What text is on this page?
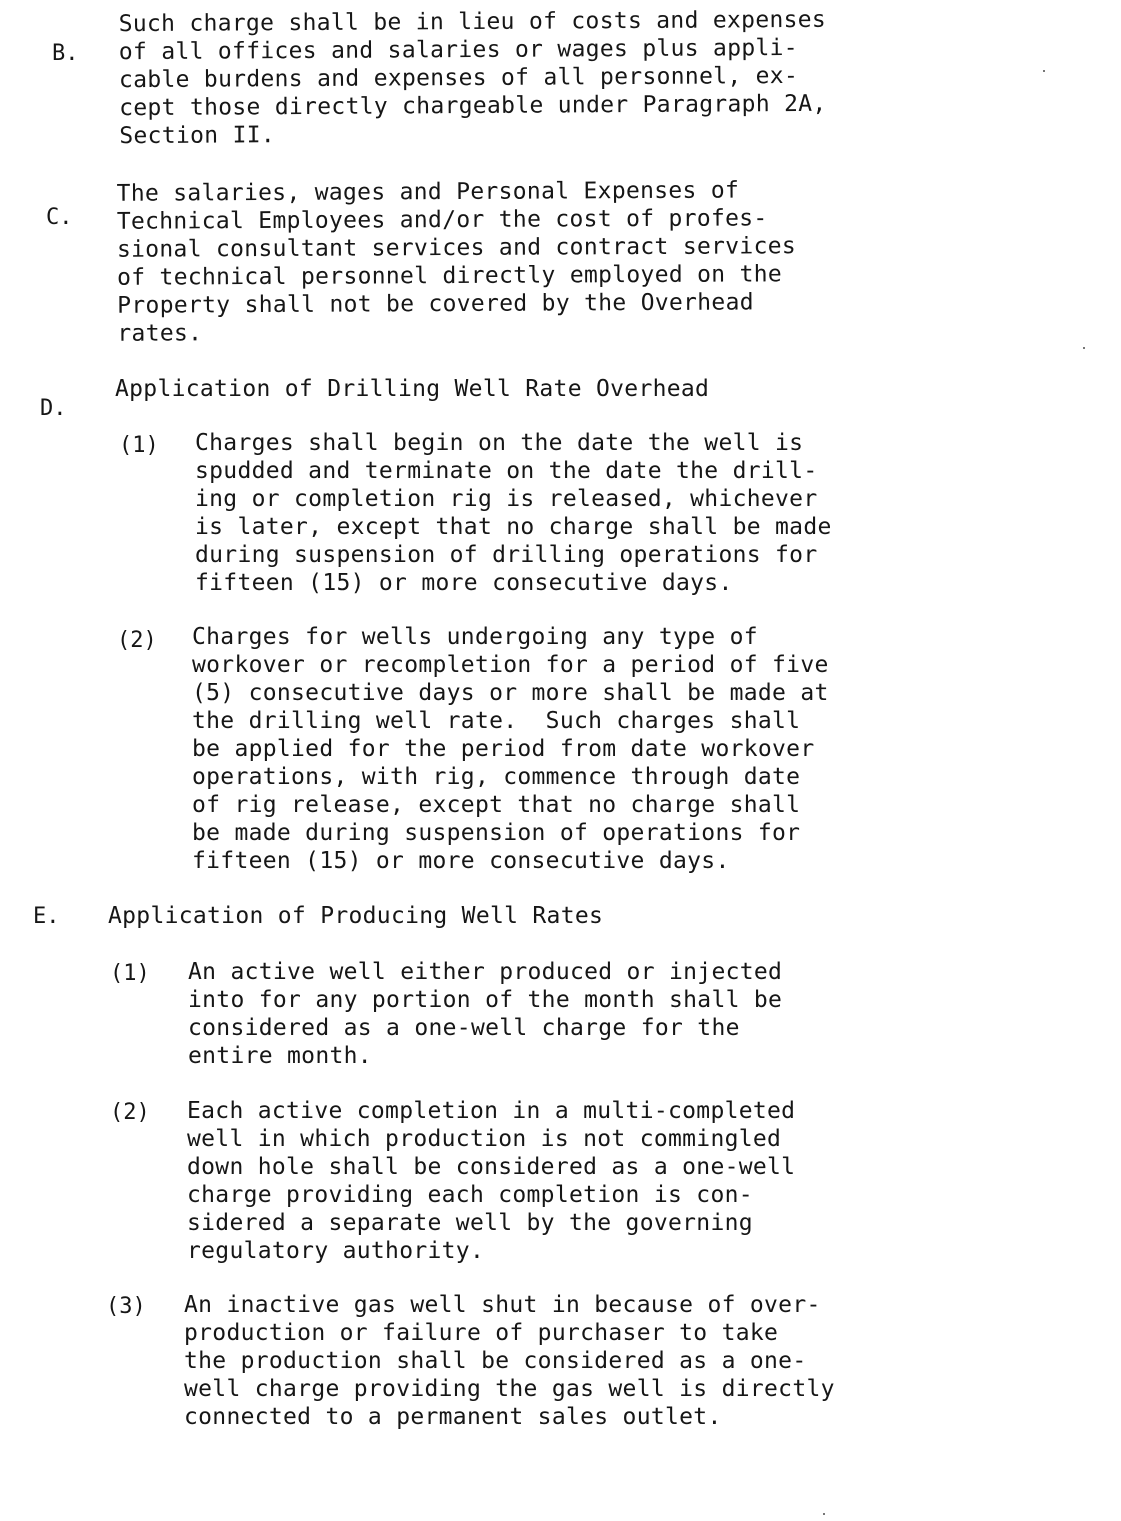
B.
Such charge shall be in lieu of costs and expenses
of all offices and salaries or wages plus appli-
cable burdens and expenses of all personnel, ex-
cept those directly chargeable under Paragraph 2A,
Section II.
C.
The salaries, wages and Personal Expenses of
Technical Employees and/or the cost of profes-
sional consultant services and contract services
of technical personnel directly employed on the
Property shall not be covered by the Overhead
rates.
D.
Application of Drilling Well Rate Overhead
(1) Charges shall begin on the date the well is
spudded and terminate on the date the drill-
ing or completion rig is released, whichever
is later, except that no charge shall be made
during suspension of drilling operations for
fifteen (15) or more consecutive days.
(2) Charges for wells undergoing any type of
workover or recompletion for a period of five
(5) consecutive days or more shall be made at
the drilling well rate.  Such charges shall
be applied for the period from date workover
operations, with rig, commence through date
of rig release, except that no charge shall
be made during suspension of operations for
fifteen (15) or more consecutive days.
E. Application of Producing Well Rates
(1) An active well either produced or injected
into for any portion of the month shall be
considered as a one-well charge for the
entire month.
(2) Each active completion in a multi-completed
well in which production is not commingled
down hole shall be considered as a one-well
charge providing each completion is con-
sidered a separate well by the governing
regulatory authority.
(3) An inactive gas well shut in because of over-
production or failure of purchaser to take
the production shall be considered as a one-
well charge providing the gas well is directly
connected to a permanent sales outlet.
